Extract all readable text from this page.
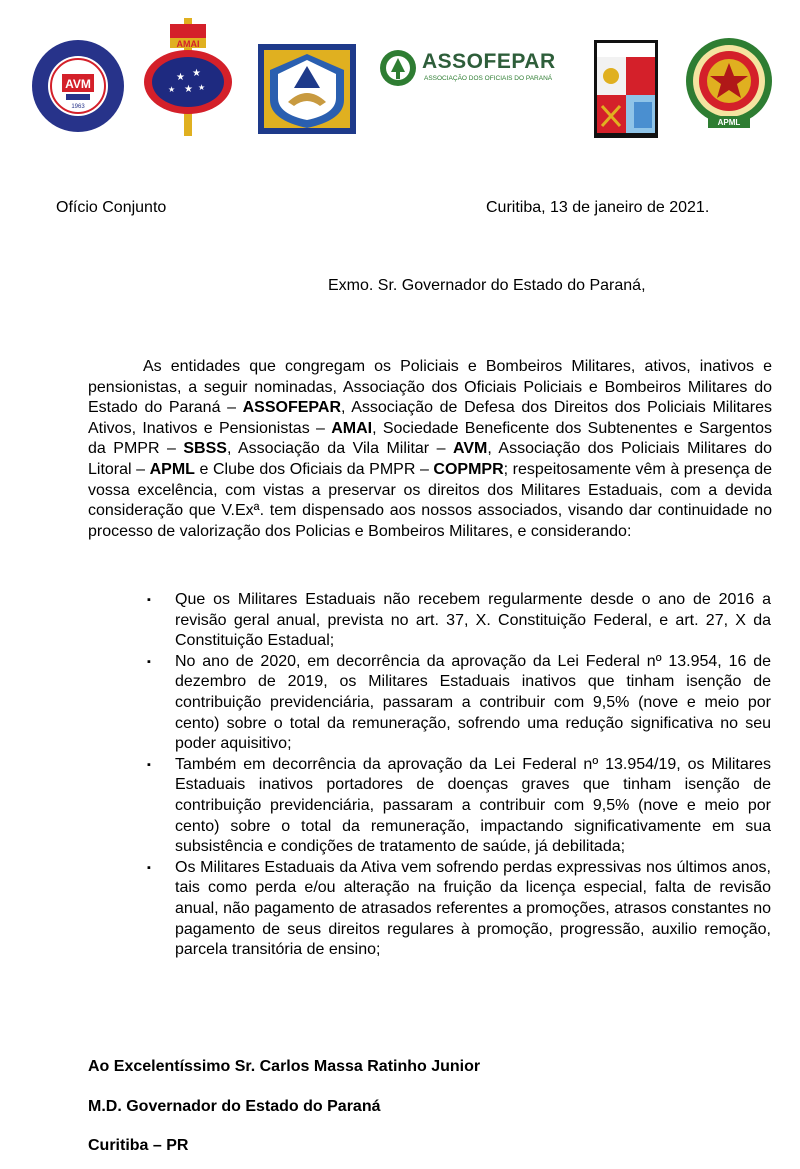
AVM
1963
AMAI
★ ★
★ ★
★
ASSOFEPAR
ASSOCIAÇÃO DOS OFICIAIS DO PARANÁ
APML
Ofício Conjunto	Curitiba, 13 de janeiro de 2021.
Exmo. Sr. Governador do Estado do Paraná,
As entidades que congregam os Policiais e Bombeiros Militares, ativos, inativos e pensionistas, a seguir nominadas, Associação dos Oficiais Policiais e Bombeiros Militares do Estado do Paraná – ASSOFEPAR, Associação de Defesa dos Direitos dos Policiais Militares Ativos, Inativos e Pensionistas – AMAI, Sociedade Beneficente dos Subtenentes e Sargentos da PMPR – SBSS, Associação da Vila Militar – AVM, Associação dos Policiais Militares do Litoral – APML e Clube dos Oficiais da PMPR – COPMPR; respeitosamente vêm à presença de vossa excelência, com vistas a preservar os direitos dos Militares Estaduais, com a devida consideração que V.Exª. tem dispensado aos nossos associados, visando dar continuidade no processo de valorização dos Policias e Bombeiros Militares, e considerando:
▪ Que os Militares Estaduais não recebem regularmente desde o ano de 2016 a revisão geral anual, prevista no art. 37, X. Constituição Federal, e art. 27, X da Constituição Estadual;
▪ No ano de 2020, em decorrência da aprovação da Lei Federal nº 13.954, 16 de dezembro de 2019, os Militares Estaduais inativos que tinham isenção de contribuição previdenciária, passaram a contribuir com 9,5% (nove e meio por cento) sobre o total da remuneração, sofrendo uma redução significativa no seu poder aquisitivo;
▪ Também em decorrência da aprovação da Lei Federal nº 13.954/19, os Militares Estaduais inativos portadores de doenças graves que tinham isenção de contribuição previdenciária, passaram a contribuir com 9,5% (nove e meio por cento) sobre o total da remuneração, impactando significativamente em sua subsistência e condições de tratamento de saúde, já debilitada;
▪ Os Militares Estaduais da Ativa vem sofrendo perdas expressivas nos últimos anos, tais como perda e/ou alteração na fruição da licença especial, falta de revisão anual, não pagamento de atrasados referentes a promoções, atrasos constantes no pagamento de seus direitos regulares à promoção, progressão, auxilio remoção, parcela transitória de ensino;
Ao Excelentíssimo Sr. Carlos Massa Ratinho Junior
M.D. Governador do Estado do Paraná
Curitiba – PR
